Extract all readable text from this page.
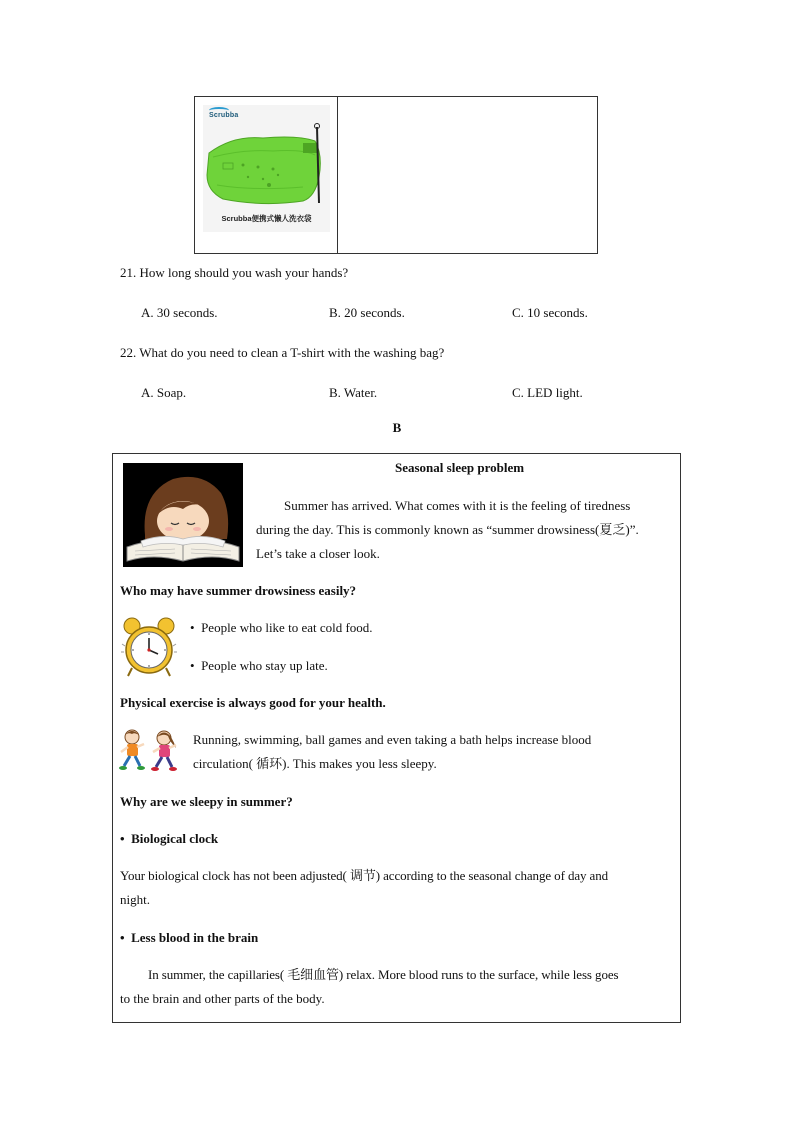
Scrubba
Scrubba便携式懒人洗衣袋
21. How long should you wash your hands?
A. 30 seconds.	B. 20 seconds.	C. 10 seconds.
22. What do you need to clean a T-shirt with the washing bag?
A. Soap.	B. Water.	C. LED light.
B
Seasonal sleep problem
Summer has arrived. What comes with it is the feeling of tiredness
during the day. This is commonly known as “summer drowsiness(夏乏)”.
Let’s take a closer look.
Who may have summer drowsiness easily?
• People who like to eat cold food.
• People who stay up late.
Physical exercise is always good for your health.
Running, swimming, ball games and even taking a bath helps increase blood
circulation( 循环). This makes you less sleepy.
Why are we sleepy in summer?
• Biological clock
Your biological clock has not been adjusted( 调节) according to the seasonal change of day and
night.
• Less blood in the brain
In summer, the capillaries( 毛细血管) relax. More blood runs to the surface, while less goes
to the brain and other parts of the body.
